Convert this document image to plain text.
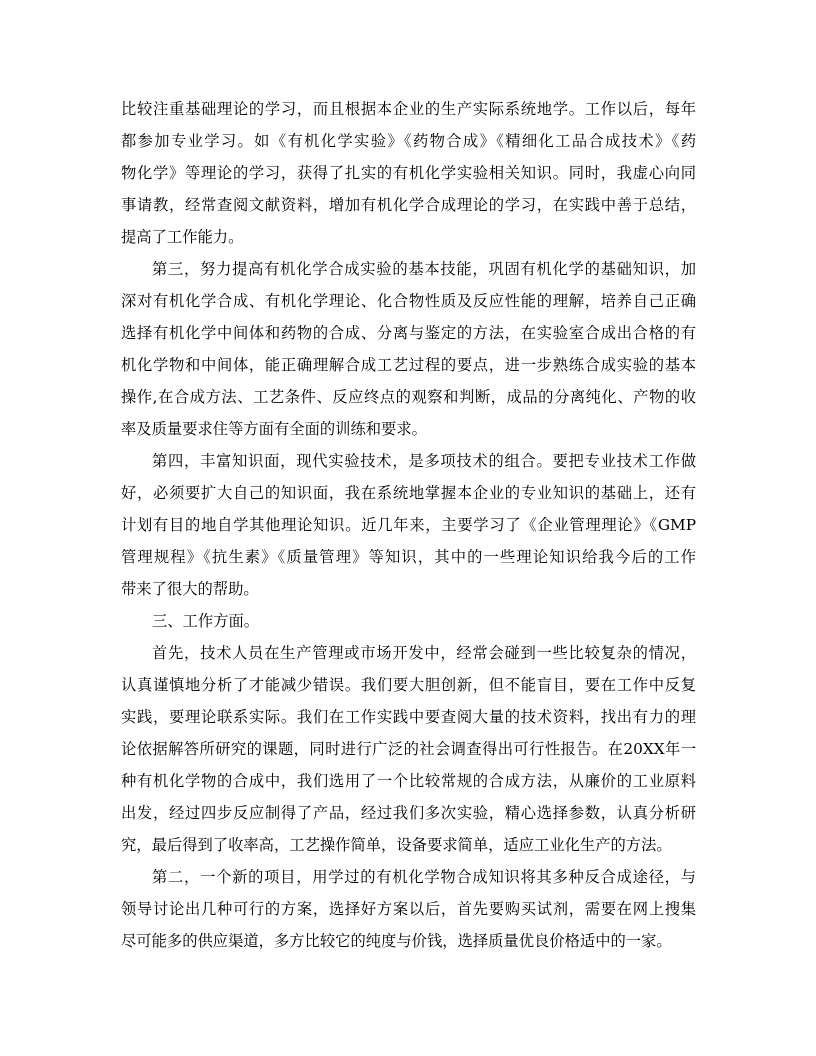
比较注重基础理论的学习，而且根据本企业的生产实际系统地学。工作以后，每年
都参加专业学习。如《有机化学实验》《药物合成》《精细化工品合成技术》《药
物化学》等理论的学习，获得了扎实的有机化学实验相关知识。同时，我虚心向同
事请教，经常查阅文献资料，增加有机化学合成理论的学习，在实践中善于总结，
提高了工作能力。

第三，努力提高有机化学合成实验的基本技能，巩固有机化学的基础知识，加
深对有机化学合成、有机化学理论、化合物性质及反应性能的理解，培养自己正确
选择有机化学中间体和药物的合成、分离与鉴定的方法，在实验室合成出合格的有
机化学物和中间体，能正确理解合成工艺过程的要点，进一步熟练合成实验的基本
操作,在合成方法、工艺条件、反应终点的观察和判断，成品的分离纯化、产物的收
率及质量要求住等方面有全面的训练和要求。

第四，丰富知识面，现代实验技术，是多项技术的组合。要把专业技术工作做
好，必须要扩大自己的知识面，我在系统地掌握本企业的专业知识的基础上，还有
计划有目的地自学其他理论知识。近几年来，主要学习了《企业管理理论》《GMP
管理规程》《抗生素》《质量管理》等知识，其中的一些理论知识给我今后的工作
带来了很大的帮助。

三、工作方面。

首先，技术人员在生产管理或市场开发中，经常会碰到一些比较复杂的情况，
认真谨慎地分析了才能减少错误。我们要大胆创新，但不能盲目，要在工作中反复
实践，要理论联系实际。我们在工作实践中要查阅大量的技术资料，找出有力的理
论依据解答所研究的课题，同时进行广泛的社会调查得出可行性报告。在20XX年一
种有机化学物的合成中，我们选用了一个比较常规的合成方法，从廉价的工业原料
出发，经过四步反应制得了产品，经过我们多次实验，精心选择参数，认真分析研
究，最后得到了收率高，工艺操作简单，设备要求简单，适应工业化生产的方法。

第二，一个新的项目，用学过的有机化学物合成知识将其多种反合成途径，与
领导讨论出几种可行的方案，选择好方案以后，首先要购买试剂，需要在网上搜集
尽可能多的供应渠道，多方比较它的纯度与价钱，选择质量优良价格适中的一家。
